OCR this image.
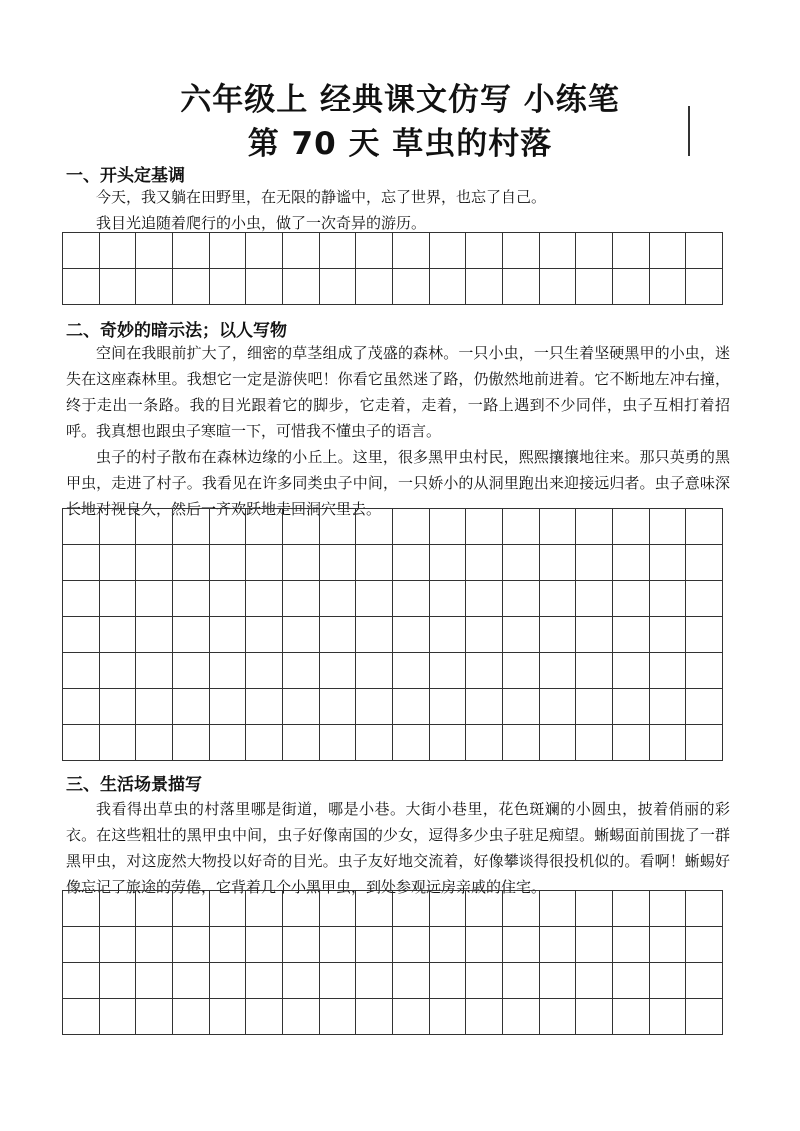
六年级上 经典课文仿写 小练笔
第 70 天 草虫的村落
一、开头定基调

今天，我又躺在田野里，在无限的静谧中，忘了世界，也忘了自己。

我目光追随着爬行的小虫，做了一次奇异的游历。

二、奇妙的暗示法；以人写物

空间在我眼前扩大了，细密的草茎组成了茂盛的森林。一只小虫，一只生着坚硬黑甲的小虫，迷失在这座森林里。我想它一定是游侠吧！你看它虽然迷了路，仍傲然地前进着。它不断地左冲右撞，终于走出一条路。我的目光跟着它的脚步，它走着，走着，一路上遇到不少同伴，虫子互相打着招呼。我真想也跟虫子寒暄一下，可惜我不懂虫子的语言。

虫子的村子散布在森林边缘的小丘上。这里，很多黑甲虫村民，熙熙攘攘地往来。那只英勇的黑甲虫，走进了村子。我看见在许多同类虫子中间，一只娇小的从洞里跑出来迎接远归者。虫子意味深长地对视良久，然后一齐欢跃地走回洞穴里去。

三、生活场景描写

我看得出草虫的村落里哪是街道，哪是小巷。大街小巷里，花色斑斓的小圆虫，披着俏丽的彩衣。在这些粗壮的黑甲虫中间，虫子好像南国的少女，逗得多少虫子驻足痴望。蜥蜴面前围拢了一群黑甲虫，对这庞然大物投以好奇的目光。虫子友好地交流着，好像攀谈得很投机似的。看啊！蜥蜴好像忘记了旅途的劳倦，它背着几个小黑甲虫，到处参观远房亲戚的住宅。
